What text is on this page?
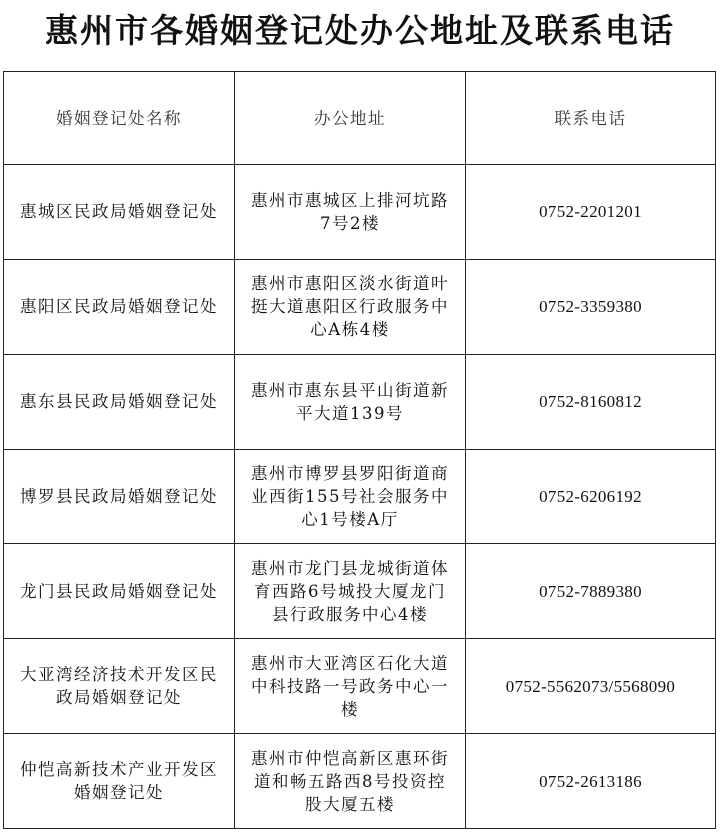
惠州市各婚姻登记处办公地址及联系电话
婚姻登记处名称	办公地址	联系电话
惠城区民政局婚姻登记处	惠州市惠城区上排河坑路7号2楼	0752-2201201
惠阳区民政局婚姻登记处	惠州市惠阳区淡水街道叶挺大道惠阳区行政服务中心A栋4楼	0752-3359380
惠东县民政局婚姻登记处	惠州市惠东县平山街道新平大道139号	0752-8160812
博罗县民政局婚姻登记处	惠州市博罗县罗阳街道商业西街155号社会服务中心1号楼A厅	0752-6206192
龙门县民政局婚姻登记处	惠州市龙门县龙城街道体育西路6号城投大厦龙门县行政服务中心4楼	0752-7889380
大亚湾经济技术开发区民政局婚姻登记处	惠州市大亚湾区石化大道中科技路一号政务中心一楼	0752-5562073/5568090
仲恺高新技术产业开发区婚姻登记处	惠州市仲恺高新区惠环街道和畅五路西8号投资控股大厦五楼	0752-2613186
